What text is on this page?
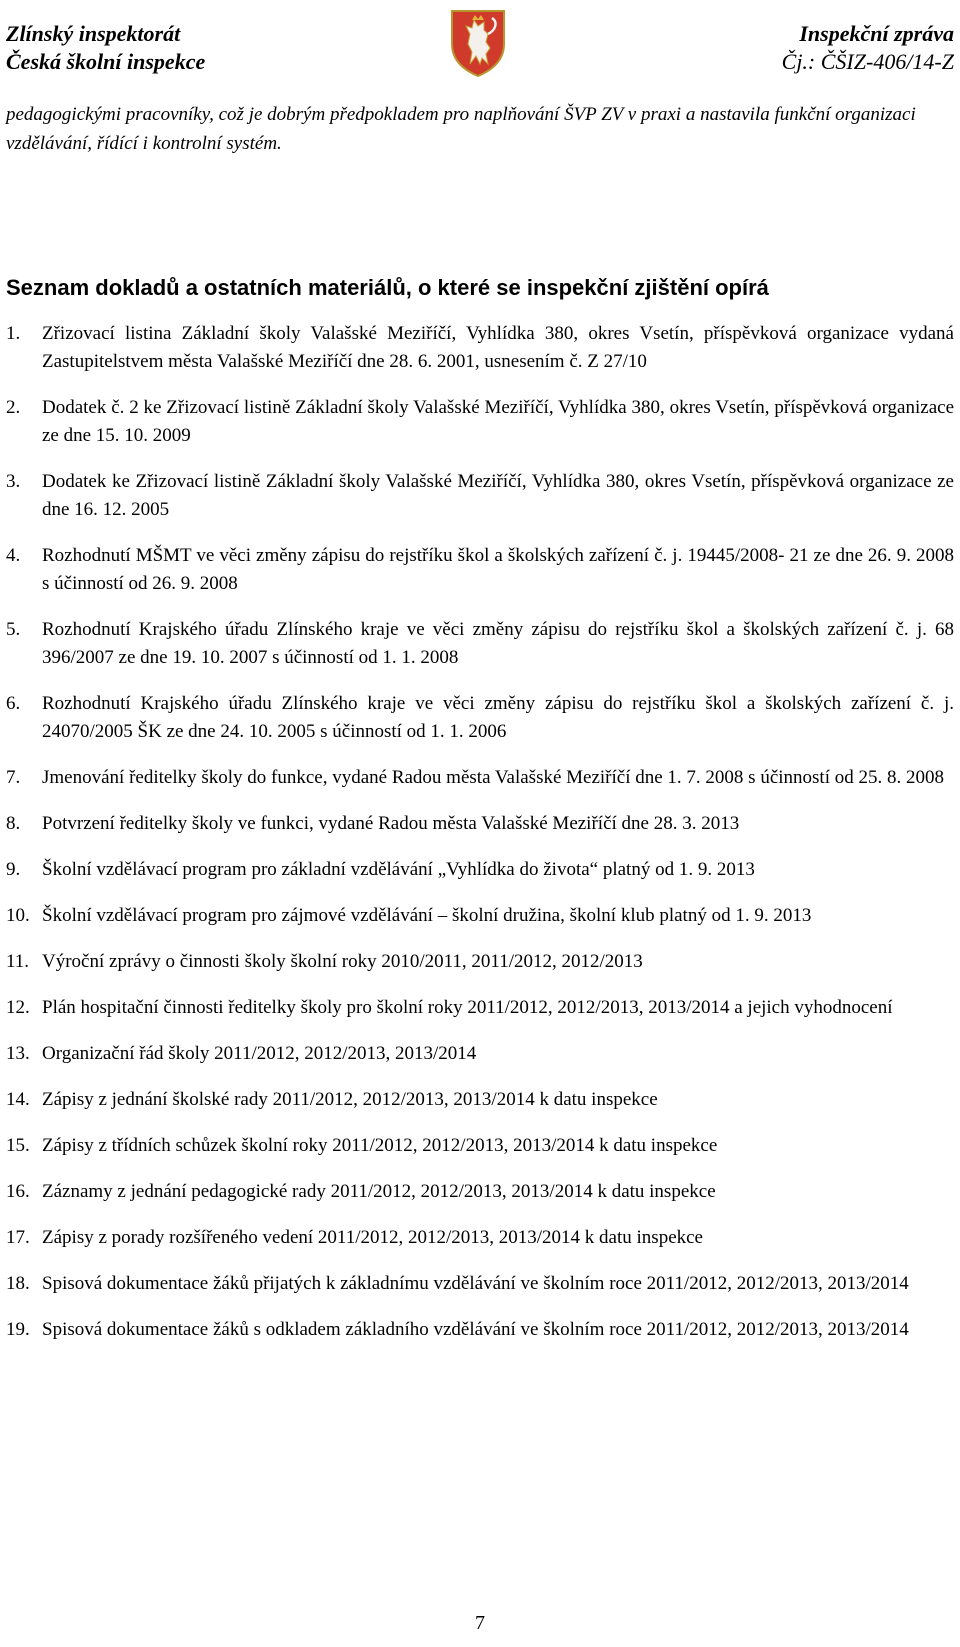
Zlínský inspektorát
Česká školní inspekce
Inspekční zpráva
Čj.: ČŠIZ-406/14-Z
pedagogickými pracovníky, což je dobrým předpokladem pro naplňování ŠVP ZV v praxi a nastavila funkční organizaci vzdělávání, řídící i kontrolní systém.
Seznam dokladů a ostatních materiálů, o které se inspekční zjištění opírá
1. Zřizovací listina Základní školy Valašské Meziříčí, Vyhlídka 380, okres Vsetín, příspěvková organizace vydaná Zastupitelstvem města Valašské Meziříčí dne 28. 6. 2001, usnesením č. Z 27/10
2. Dodatek č. 2 ke Zřizovací listině Základní školy Valašské Meziříčí, Vyhlídka 380, okres Vsetín, příspěvková organizace ze dne 15. 10. 2009
3. Dodatek ke Zřizovací listině Základní školy Valašské Meziříčí, Vyhlídka 380, okres Vsetín, příspěvková organizace ze dne 16. 12. 2005
4. Rozhodnutí MŠMT ve věci změny zápisu do rejstříku škol a školských zařízení č. j. 19445/2008- 21 ze dne 26. 9. 2008 s účinností od 26. 9. 2008
5. Rozhodnutí Krajského úřadu Zlínského kraje ve věci změny zápisu do rejstříku škol a školských zařízení č. j. 68 396/2007 ze dne 19. 10. 2007 s účinností od 1. 1. 2008
6. Rozhodnutí Krajského úřadu Zlínského kraje ve věci změny zápisu do rejstříku škol a školských zařízení č. j. 24070/2005 ŠK ze dne 24. 10. 2005 s účinností od 1. 1. 2006
7. Jmenování ředitelky školy do funkce, vydané Radou města Valašské Meziříčí dne 1. 7. 2008 s účinností od 25. 8. 2008
8. Potvrzení ředitelky školy ve funkci, vydané Radou města Valašské Meziříčí dne 28. 3. 2013
9. Školní vzdělávací program pro základní vzdělávání „Vyhlídka do života“ platný od 1. 9. 2013
10. Školní vzdělávací program pro zájmové vzdělávání – školní družina, školní klub platný od 1. 9. 2013
11. Výroční zprávy o činnosti školy školní roky 2010/2011, 2011/2012, 2012/2013
12. Plán hospitační činnosti ředitelky školy pro školní roky 2011/2012, 2012/2013, 2013/2014 a jejich vyhodnocení
13. Organizační řád školy 2011/2012, 2012/2013, 2013/2014
14. Zápisy z jednání školské rady 2011/2012, 2012/2013, 2013/2014 k datu inspekce
15. Zápisy z třídních schůzek školní roky 2011/2012, 2012/2013, 2013/2014 k datu inspekce
16. Záznamy z jednání pedagogické rady 2011/2012, 2012/2013, 2013/2014 k datu inspekce
17. Zápisy z porady rozšířeného vedení 2011/2012, 2012/2013, 2013/2014 k datu inspekce
18. Spisová dokumentace žáků přijatých k základnímu vzdělávání ve školním roce 2011/2012, 2012/2013, 2013/2014
19. Spisová dokumentace žáků s odkladem základního vzdělávání ve školním roce 2011/2012, 2012/2013, 2013/2014
7
